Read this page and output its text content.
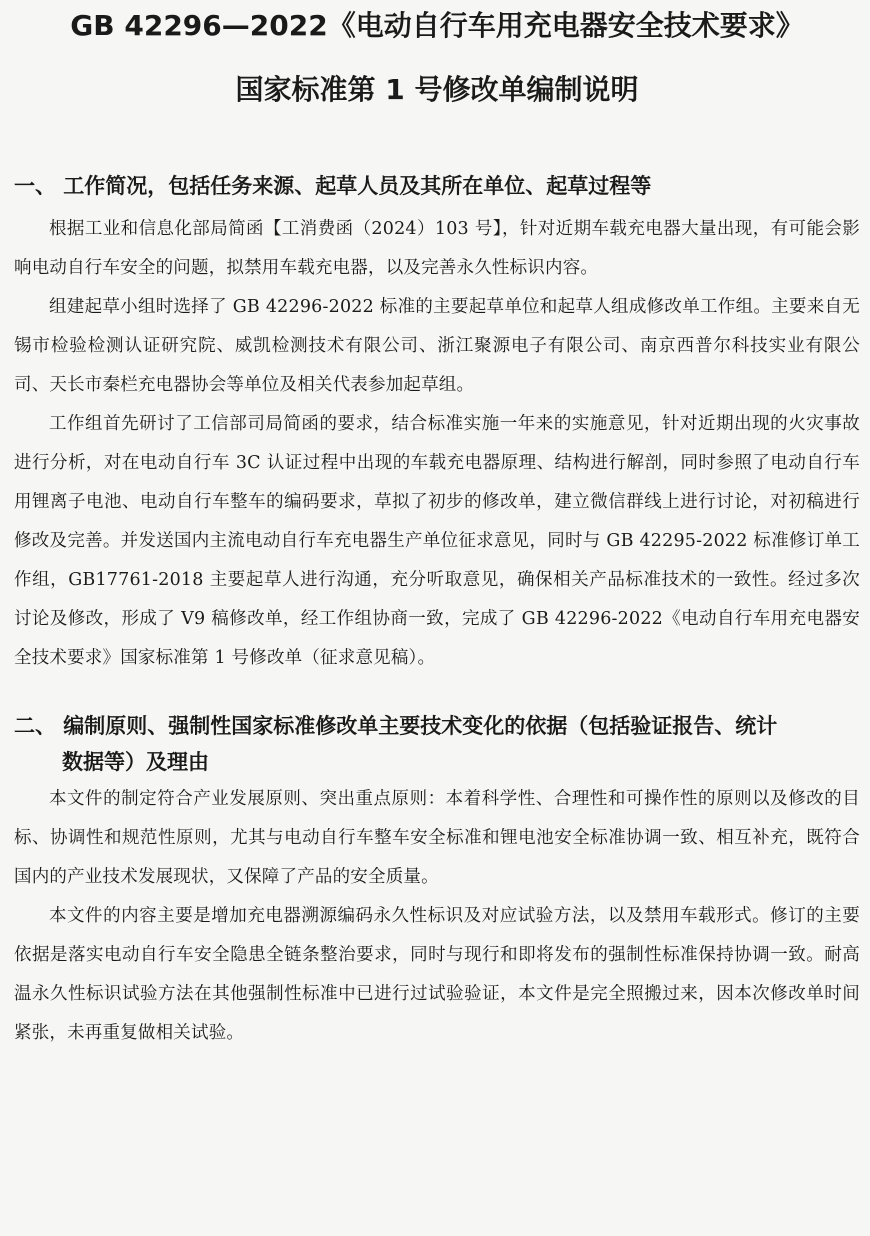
GB 42296—2022《电动自行车用充电器安全技术要求》
国家标准第 1 号修改单编制说明
一、 工作简况，包括任务来源、起草人员及其所在单位、起草过程等

根据工业和信息化部局简函【工消费函（2024）103 号】，针对近期车载充电器大量出现，有可能会影响电动自行车安全的问题，拟禁用车载充电器，以及完善永久性标识内容。

组建起草小组时选择了 GB 42296-2022 标准的主要起草单位和起草人组成修改单工作组。主要来自无锡市检验检测认证研究院、威凯检测技术有限公司、浙江聚源电子有限公司、南京西普尔科技实业有限公司、天长市秦栏充电器协会等单位及相关代表参加起草组。

工作组首先研讨了工信部司局简函的要求，结合标准实施一年来的实施意见，针对近期出现的火灾事故进行分析，对在电动自行车 3C 认证过程中出现的车载充电器原理、结构进行解剖，同时参照了电动自行车用锂离子电池、电动自行车整车的编码要求，草拟了初步的修改单，建立微信群线上进行讨论，对初稿进行修改及完善。并发送国内主流电动自行车充电器生产单位征求意见，同时与 GB 42295-2022 标准修订单工作组，GB17761-2018 主要起草人进行沟通，充分听取意见，确保相关产品标准技术的一致性。经过多次讨论及修改，形成了 V9 稿修改单，经工作组协商一致，完成了 GB 42296-2022《电动自行车用充电器安全技术要求》国家标准第 1 号修改单（征求意见稿）。

二、 编制原则、强制性国家标准修改单主要技术变化的依据（包括验证报告、统计
数据等）及理由

本文件的制定符合产业发展原则、突出重点原则：本着科学性、合理性和可操作性的原则以及修改的目标、协调性和规范性原则，尤其与电动自行车整车安全标准和锂电池安全标准协调一致、相互补充，既符合国内的产业技术发展现状，又保障了产品的安全质量。

本文件的内容主要是增加充电器溯源编码永久性标识及对应试验方法，以及禁用车载形式。修订的主要依据是落实电动自行车安全隐患全链条整治要求，同时与现行和即将发布的强制性标准保持协调一致。耐高温永久性标识试验方法在其他强制性标准中已进行过试验验证，本文件是完全照搬过来，因本次修改单时间紧张，未再重复做相关试验。
